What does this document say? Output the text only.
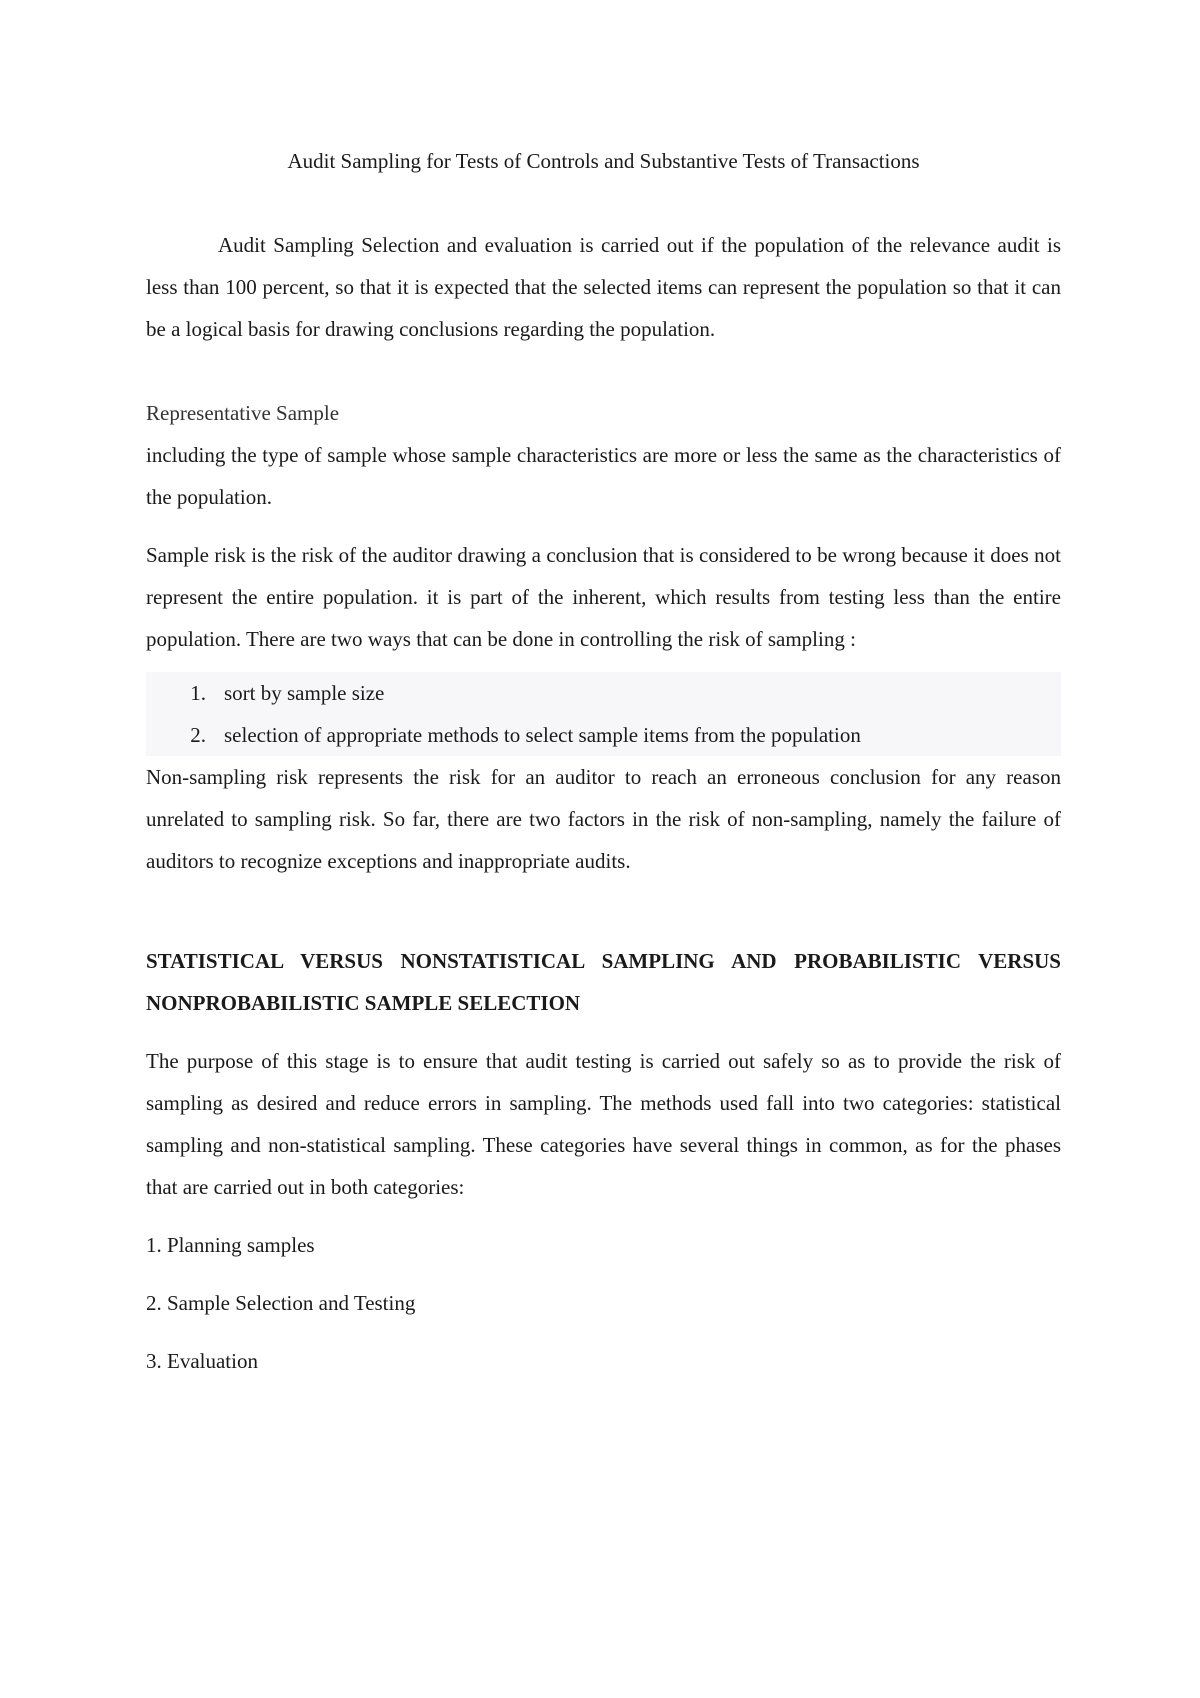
Audit Sampling for Tests of Controls and Substantive Tests of Transactions

Audit Sampling Selection and evaluation is carried out if the population of the relevance audit is less than 100 percent, so that it is expected that the selected items can represent the population so that it can be a logical basis for drawing conclusions regarding the population.

Representative Sample

including the type of sample whose sample characteristics are more or less the same as the characteristics of the population.

Sample risk is the risk of the auditor drawing a conclusion that is considered to be wrong because it does not represent the entire population. it is part of the inherent, which results from testing less than the entire population. There are two ways that can be done in controlling the risk of sampling :

1. sort by sample size
2. selection of appropriate methods to select sample items from the population

Non-sampling risk represents the risk for an auditor to reach an erroneous conclusion for any reason unrelated to sampling risk. So far, there are two factors in the risk of non-sampling, namely the failure of auditors to recognize exceptions and inappropriate audits.

STATISTICAL VERSUS NONSTATISTICAL SAMPLING AND PROBABILISTIC VERSUS NONPROBABILISTIC SAMPLE SELECTION

The purpose of this stage is to ensure that audit testing is carried out safely so as to provide the risk of sampling as desired and reduce errors in sampling. The methods used fall into two categories: statistical sampling and non-statistical sampling. These categories have several things in common, as for the phases that are carried out in both categories:

1. Planning samples

2. Sample Selection and Testing

3. Evaluation
